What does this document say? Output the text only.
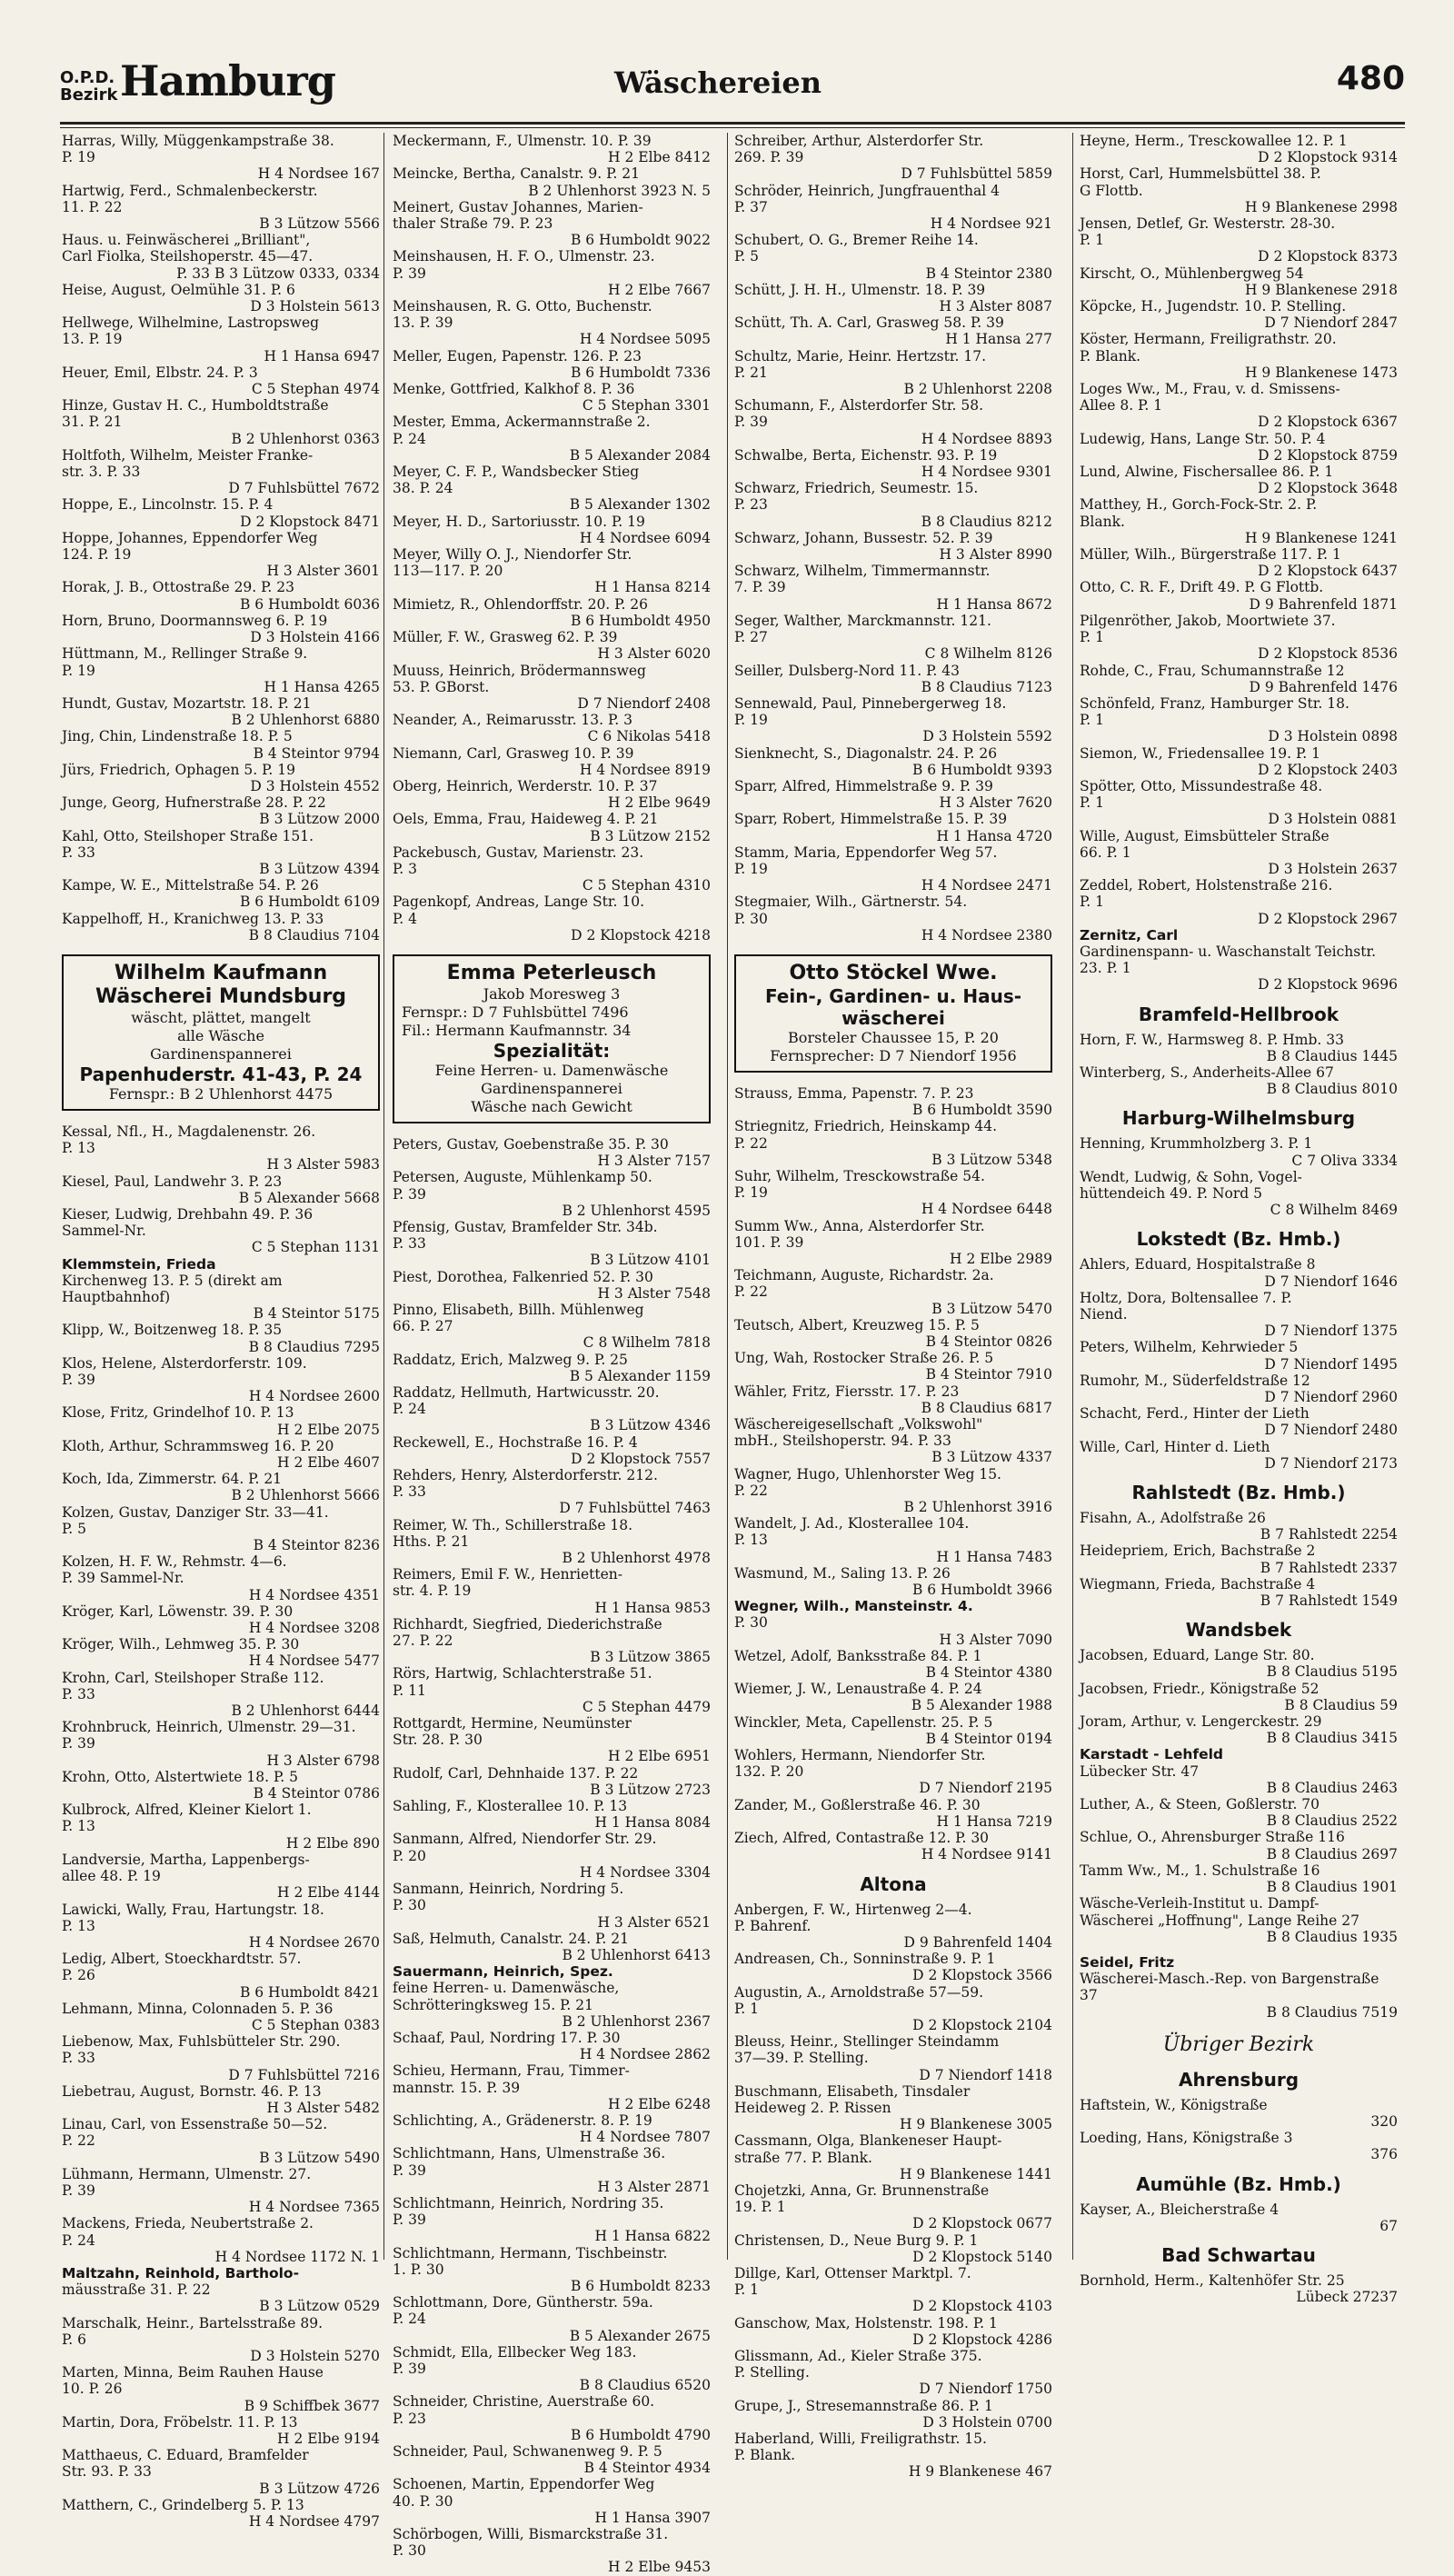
O.P.D.
Bezirk Hamburg	Wäschereien	480
Harras, Willy, Müggenkampstraße 38.
P. 19
H 4 Nordsee 167
Hartwig, Ferd., Schmalenbeckerstr.
11. P. 22
B 3 Lützow 5566
Haus. u. Feinwäscherei „Brilliant",
Carl Fiolka, Steilshoperstr. 45—47.
P. 33 B 3 Lützow 0333, 0334
Heise, August, Oelmühle 31. P. 6
D 3 Holstein 5613
Hellwege, Wilhelmine, Lastropsweg
13. P. 19
H 1 Hansa 6947
Heuer, Emil, Elbstr. 24. P. 3
C 5 Stephan 4974
Hinze, Gustav H. C., Humboldtstraße
31. P. 21
B 2 Uhlenhorst 0363
Holtfoth, Wilhelm, Meister Franke-
str. 3. P. 33
D 7 Fuhlsbüttel 7672
Hoppe, E., Lincolnstr. 15. P. 4
D 2 Klopstock 8471
Hoppe, Johannes, Eppendorfer Weg
124. P. 19
H 3 Alster 3601
Horak, J. B., Ottostraße 29. P. 23
B 6 Humboldt 6036
Horn, Bruno, Doormannsweg 6. P. 19
D 3 Holstein 4166
Hüttmann, M., Rellinger Straße 9.
P. 19
H 1 Hansa 4265
Hundt, Gustav, Mozartstr. 18. P. 21
B 2 Uhlenhorst 6880
Jing, Chin, Lindenstraße 18. P. 5
B 4 Steintor 9794
Jürs, Friedrich, Ophagen 5. P. 19
D 3 Holstein 4552
Junge, Georg, Hufnerstraße 28. P. 22
B 3 Lützow 2000
Kahl, Otto, Steilshoper Straße 151.
P. 33
B 3 Lützow 4394
Kampe, W. E., Mittelstraße 54. P. 26
B 6 Humboldt 6109
Kappelhoff, H., Kranichweg 13. P. 33
B 8 Claudius 7104
Wilhelm Kaufmann
Wäscherei Mundsburg
wäscht, plättet, mangelt
alle Wäsche
Gardinenspannerei
Papenhuderstr. 41-43, P. 24
Fernspr.: B 2 Uhlenhorst 4475
Kessal, Nfl., H., Magdalenenstr. 26.
P. 13
H 3 Alster 5983
Kiesel, Paul, Landwehr 3. P. 23
B 5 Alexander 5668
Kieser, Ludwig, Drehbahn 49. P. 36
Sammel-Nr.
C 5 Stephan 1131
Klemmstein, Frieda
Kirchenweg 13. P. 5 (direkt am Hauptbahnhof)
B 4 Steintor 5175
Klipp, W., Boitzenweg 18. P. 35
B 8 Claudius 7295
Klos, Helene, Alsterdorferstr. 109.
P. 39
H 4 Nordsee 2600
Klose, Fritz, Grindelhof 10. P. 13
H 2 Elbe 2075
Kloth, Arthur, Schrammsweg 16. P. 20
H 2 Elbe 4607
Koch, Ida, Zimmerstr. 64. P. 21
B 2 Uhlenhorst 5666
Kolzen, Gustav, Danziger Str. 33—41.
P. 5
B 4 Steintor 8236
Kolzen, H. F. W., Rehmstr. 4—6.
P. 39 Sammel-Nr.
H 4 Nordsee 4351
Kröger, Karl, Löwenstr. 39. P. 30
H 4 Nordsee 3208
Kröger, Wilh., Lehmweg 35. P. 30
H 4 Nordsee 5477
Krohn, Carl, Steilshoper Straße 112.
P. 33
B 2 Uhlenhorst 6444
Krohnbruck, Heinrich, Ulmenstr. 29—31.
P. 39
H 3 Alster 6798
Krohn, Otto, Alstertwiete 18. P. 5
B 4 Steintor 0786
Kulbrock, Alfred, Kleiner Kielort 1.
P. 13
H 2 Elbe 890
Landversie, Martha, Lappenbergs-
allee 48. P. 19
H 2 Elbe 4144
Lawicki, Wally, Frau, Hartungstr. 18.
P. 13
H 4 Nordsee 2670
Ledig, Albert, Stoeckhardtstr. 57.
P. 26
B 6 Humboldt 8421
Lehmann, Minna, Colonnaden 5. P. 36
C 5 Stephan 0383
Liebenow, Max, Fuhlsbütteler Str. 290.
P. 33
D 7 Fuhlsbüttel 7216
Liebetrau, August, Bornstr. 46. P. 13
H 3 Alster 5482
Linau, Carl, von Essenstraße 50—52.
P. 22
B 3 Lützow 5490
Lühmann, Hermann, Ulmenstr. 27.
P. 39
H 4 Nordsee 7365
Mackens, Frieda, Neubertstraße 2.
P. 24
H 4 Nordsee 1172 N. 1
Maltzahn, Reinhold, Bartholo-
mäusstraße 31. P. 22
B 3 Lützow 0529
Marschalk, Heinr., Bartelsstraße 89.
P. 6
D 3 Holstein 5270
Marten, Minna, Beim Rauhen Hause
10. P. 26
B 9 Schiffbek 3677
Martin, Dora, Fröbelstr. 11. P. 13
H 2 Elbe 9194
Matthaeus, C. Eduard, Bramfelder
Str. 93. P. 33
B 3 Lützow 4726
Matthern, C., Grindelberg 5. P. 13
H 4 Nordsee 4797
Meckermann, F., Ulmenstr. 10. P. 39
H 2 Elbe 8412
Meincke, Bertha, Canalstr. 9. P. 21
B 2 Uhlenhorst 3923 N. 5
Meinert, Gustav Johannes, Marien-
thaler Straße 79. P. 23
B 6 Humboldt 9022
Meinshausen, H. F. O., Ulmenstr. 23.
P. 39
H 2 Elbe 7667
Meinshausen, R. G. Otto, Buchenstr.
13. P. 39
H 4 Nordsee 5095
Meller, Eugen, Papenstr. 126. P. 23
B 6 Humboldt 7336
Menke, Gottfried, Kalkhof 8. P. 36
C 5 Stephan 3301
Mester, Emma, Ackermannstraße 2.
P. 24
B 5 Alexander 2084
Meyer, C. F. P., Wandsbecker Stieg
38. P. 24
B 5 Alexander 1302
Meyer, H. D., Sartoriusstr. 10. P. 19
H 4 Nordsee 6094
Meyer, Willy O. J., Niendorfer Str.
113—117. P. 20
H 1 Hansa 8214
Mimietz, R., Ohlendorffstr. 20. P. 26
B 6 Humboldt 4950
Müller, F. W., Grasweg 62. P. 39
H 3 Alster 6020
Muuss, Heinrich, Brödermannsweg
53. P. GBorst.
D 7 Niendorf 2408
Neander, A., Reimarusstr. 13. P. 3
C 6 Nikolas 5418
Niemann, Carl, Grasweg 10. P. 39
H 4 Nordsee 8919
Oberg, Heinrich, Werderstr. 10. P. 37
H 2 Elbe 9649
Oels, Emma, Frau, Haideweg 4. P. 21
B 3 Lützow 2152
Packebusch, Gustav, Marienstr. 23.
P. 3
C 5 Stephan 4310
Pagenkopf, Andreas, Lange Str. 10.
P. 4
D 2 Klopstock 4218
Emma Peterleusch
Jakob Moresweg 3
Fernspr.: D 7 Fuhlsbüttel 7496
Fil.: Hermann Kaufmannstr. 34
Spezialität:
Feine Herren- u. Damenwäsche
Gardinenspannerei
Wäsche nach Gewicht
Peters, Gustav, Goebenstraße 35. P. 30
H 3 Alster 7157
Petersen, Auguste, Mühlenkamp 50.
P. 39
B 2 Uhlenhorst 4595
Pfensig, Gustav, Bramfelder Str. 34b.
P. 33
B 3 Lützow 4101
Piest, Dorothea, Falkenried 52. P. 30
H 3 Alster 7548
Pinno, Elisabeth, Billh. Mühlenweg
66. P. 27
C 8 Wilhelm 7818
Raddatz, Erich, Malzweg 9. P. 25
B 5 Alexander 1159
Raddatz, Hellmuth, Hartwicusstr. 20.
P. 24
B 3 Lützow 4346
Reckewell, E., Hochstraße 16. P. 4
D 2 Klopstock 7557
Rehders, Henry, Alsterdorferstr. 212.
P. 33
D 7 Fuhlsbüttel 7463
Reimer, W. Th., Schillerstraße 18.
Hths. P. 21
B 2 Uhlenhorst 4978
Reimers, Emil F. W., Henrietten-
str. 4. P. 19
H 1 Hansa 9853
Richhardt, Siegfried, Diederichstraße
27. P. 22
B 3 Lützow 3865
Rörs, Hartwig, Schlachterstraße 51.
P. 11
C 5 Stephan 4479
Rottgardt, Hermine, Neumünster
Str. 28. P. 30
H 2 Elbe 6951
Rudolf, Carl, Dehnhaide 137. P. 22
B 3 Lützow 2723
Sahling, F., Klosterallee 10. P. 13
H 1 Hansa 8084
Sanmann, Alfred, Niendorfer Str. 29.
P. 20
H 4 Nordsee 3304
Sanmann, Heinrich, Nordring 5.
P. 30
H 3 Alster 6521
Saß, Helmuth, Canalstr. 24. P. 21
B 2 Uhlenhorst 6413
Sauermann, Heinrich, Spez.
feine Herren- u. Damenwäsche, Schrötteringksweg 15. P. 21
B 2 Uhlenhorst 2367
Schaaf, Paul, Nordring 17. P. 30
H 4 Nordsee 2862
Schieu, Hermann, Frau, Timmer-
mannstr. 15. P. 39
H 2 Elbe 6248
Schlichting, A., Grädenerstr. 8. P. 19
H 4 Nordsee 7807
Schlichtmann, Hans, Ulmenstraße 36.
P. 39
H 3 Alster 2871
Schlichtmann, Heinrich, Nordring 35.
P. 39
H 1 Hansa 6822
Schlichtmann, Hermann, Tischbeinstr.
1. P. 30
B 6 Humboldt 8233
Schlottmann, Dore, Güntherstr. 59a.
P. 24
B 5 Alexander 2675
Schmidt, Ella, Ellbecker Weg 183.
P. 39
B 8 Claudius 6520
Schneider, Christine, Auerstraße 60.
P. 23
B 6 Humboldt 4790
Schneider, Paul, Schwanenweg 9. P. 5
B 4 Steintor 4934
Schoenen, Martin, Eppendorfer Weg
40. P. 30
H 1 Hansa 3907
Schörbogen, Willi, Bismarckstraße 31.
P. 30
H 2 Elbe 9453
Schreiber, Arthur, Alsterdorfer Str.
269. P. 39
D 7 Fuhlsbüttel 5859
Schröder, Heinrich, Jungfrauenthal 4
P. 37
H 4 Nordsee 921
Schubert, O. G., Bremer Reihe 14.
P. 5
B 4 Steintor 2380
Schütt, J. H. H., Ulmenstr. 18. P. 39
H 3 Alster 8087
Schütt, Th. A. Carl, Grasweg 58. P. 39
H 1 Hansa 277
Schultz, Marie, Heinr. Hertzstr. 17.
P. 21
B 2 Uhlenhorst 2208
Schumann, F., Alsterdorfer Str. 58.
P. 39
H 4 Nordsee 8893
Schwalbe, Berta, Eichenstr. 93. P. 19
H 4 Nordsee 9301
Schwarz, Friedrich, Seumestr. 15.
P. 23
B 8 Claudius 8212
Schwarz, Johann, Bussestr. 52. P. 39
H 3 Alster 8990
Schwarz, Wilhelm, Timmermannstr.
7. P. 39
H 1 Hansa 8672
Seger, Walther, Marckmannstr. 121.
P. 27
C 8 Wilhelm 8126
Seiller, Dulsberg-Nord 11. P. 43
B 8 Claudius 7123
Sennewald, Paul, Pinnebergerweg 18.
P. 19
D 3 Holstein 5592
Sienknecht, S., Diagonalstr. 24. P. 26
B 6 Humboldt 9393
Sparr, Alfred, Himmelstraße 9. P. 39
H 3 Alster 7620
Sparr, Robert, Himmelstraße 15. P. 39
H 1 Hansa 4720
Stamm, Maria, Eppendorfer Weg 57.
P. 19
H 4 Nordsee 2471
Stegmaier, Wilh., Gärtnerstr. 54.
P. 30
H 4 Nordsee 2380
Otto Stöckel Wwe.
Fein-, Gardinen- u. Haus-
wäscherei
Borsteler Chaussee 15, P. 20
Fernsprecher: D 7 Niendorf 1956
Strauss, Emma, Papenstr. 7. P. 23
B 6 Humboldt 3590
Striegnitz, Friedrich, Heinskamp 44.
P. 22
B 3 Lützow 5348
Suhr, Wilhelm, Tresckowstraße 54.
P. 19
H 4 Nordsee 6448
Summ Ww., Anna, Alsterdorfer Str.
101. P. 39
H 2 Elbe 2989
Teichmann, Auguste, Richardstr. 2a.
P. 22
B 3 Lützow 5470
Teutsch, Albert, Kreuzweg 15. P. 5
B 4 Steintor 0826
Ung, Wah, Rostocker Straße 26. P. 5
B 4 Steintor 7910
Wähler, Fritz, Fiersstr. 17. P. 23
B 8 Claudius 6817
Wäschereigesellschaft „Volkswohl"
mbH., Steilshoperstr. 94. P. 33
B 3 Lützow 4337
Wagner, Hugo, Uhlenhorster Weg 15.
P. 22
B 2 Uhlenhorst 3916
Wandelt, J. Ad., Klosterallee 104.
P. 13
H 1 Hansa 7483
Wasmund, M., Saling 13. P. 26
B 6 Humboldt 3966
Wegner, Wilh., Mansteinstr. 4.
P. 30
H 3 Alster 7090
Wetzel, Adolf, Banksstraße 84. P. 1
B 4 Steintor 4380
Wiemer, J. W., Lenaustraße 4. P. 24
B 5 Alexander 1988
Winckler, Meta, Capellenstr. 25. P. 5
B 4 Steintor 0194
Wohlers, Hermann, Niendorfer Str.
132. P. 20
D 7 Niendorf 2195
Zander, M., Goßlerstraße 46. P. 30
H 1 Hansa 7219
Ziech, Alfred, Contastraße 12. P. 30
H 4 Nordsee 9141
Altona
Anbergen, F. W., Hirtenweg 2—4.
P. Bahrenf.
D 9 Bahrenfeld 1404
Andreasen, Ch., Sonninstraße 9. P. 1
D 2 Klopstock 3566
Augustin, A., Arnoldstraße 57—59.
P. 1
D 2 Klopstock 2104
Bleuss, Heinr., Stellinger Steindamm
37—39. P. Stelling.
D 7 Niendorf 1418
Buschmann, Elisabeth, Tinsdaler
Heideweg 2. P. Rissen
H 9 Blankenese 3005
Cassmann, Olga, Blankeneser Haupt-
straße 77. P. Blank.
H 9 Blankenese 1441
Chojetzki, Anna, Gr. Brunnenstraße
19. P. 1
D 2 Klopstock 0677
Christensen, D., Neue Burg 9. P. 1
D 2 Klopstock 5140
Dillge, Karl, Ottenser Marktpl. 7.
P. 1
D 2 Klopstock 4103
Ganschow, Max, Holstenstr. 198. P. 1
D 2 Klopstock 4286
Glissmann, Ad., Kieler Straße 375.
P. Stelling.
D 7 Niendorf 1750
Grupe, J., Stresemannstraße 86. P. 1
D 3 Holstein 0700
Haberland, Willi, Freiligrathstr. 15.
P. Blank.
H 9 Blankenese 467
Heyne, Herm., Tresckowallee 12. P. 1
D 2 Klopstock 9314
Horst, Carl, Hummelsbüttel 38. P.
G Flottb.
H 9 Blankenese 2998
Jensen, Detlef, Gr. Westerstr. 28-30.
P. 1
D 2 Klopstock 8373
Kirscht, O., Mühlenbergweg 54
H 9 Blankenese 2918
Köpcke, H., Jugendstr. 10. P. Stelling.
D 7 Niendorf 2847
Köster, Hermann, Freiligrathstr. 20.
P. Blank.
H 9 Blankenese 1473
Loges Ww., M., Frau, v. d. Smissens-
Allee 8. P. 1
D 2 Klopstock 6367
Ludewig, Hans, Lange Str. 50. P. 4
D 2 Klopstock 8759
Lund, Alwine, Fischersallee 86. P. 1
D 2 Klopstock 3648
Matthey, H., Gorch-Fock-Str. 2. P.
Blank.
H 9 Blankenese 1241
Müller, Wilh., Bürgerstraße 117. P. 1
D 2 Klopstock 6437
Otto, C. R. F., Drift 49. P. G Flottb.
D 9 Bahrenfeld 1871
Pilgenröther, Jakob, Moortwiete 37.
P. 1
D 2 Klopstock 8536
Rohde, C., Frau, Schumannstraße 12
D 9 Bahrenfeld 1476
Schönfeld, Franz, Hamburger Str. 18.
P. 1
D 3 Holstein 0898
Siemon, W., Friedensallee 19. P. 1
D 2 Klopstock 2403
Spötter, Otto, Missundestraße 48.
P. 1
D 3 Holstein 0881
Wille, August, Eimsbütteler Straße
66. P. 1
D 3 Holstein 2637
Zeddel, Robert, Holstenstraße 216.
P. 1
D 2 Klopstock 2967
Zernitz, Carl
Gardinenspann- u. Waschanstalt Teichstr. 23. P. 1
D 2 Klopstock 9696
Bramfeld-Hellbrook
Horn, F. W., Harmsweg 8. P. Hmb. 33
B 8 Claudius 1445
Winterberg, S., Anderheits-Allee 67
B 8 Claudius 8010
Harburg-Wilhelmsburg
Henning, Krummholzberg 3. P. 1
C 7 Oliva 3334
Wendt, Ludwig, & Sohn, Vogel-
hüttendeich 49. P. Nord 5
C 8 Wilhelm 8469
Lokstedt (Bz. Hmb.)
Ahlers, Eduard, Hospitalstraße 8
D 7 Niendorf 1646
Holtz, Dora, Boltensallee 7. P.
Niend.
D 7 Niendorf 1375
Peters, Wilhelm, Kehrwieder 5
D 7 Niendorf 1495
Rumohr, M., Süderfeldstraße 12
D 7 Niendorf 2960
Schacht, Ferd., Hinter der Lieth
D 7 Niendorf 2480
Wille, Carl, Hinter d. Lieth
D 7 Niendorf 2173
Rahlstedt (Bz. Hmb.)
Fisahn, A., Adolfstraße 26
B 7 Rahlstedt 2254
Heidepriem, Erich, Bachstraße 2
B 7 Rahlstedt 2337
Wiegmann, Frieda, Bachstraße 4
B 7 Rahlstedt 1549
Wandsbek
Jacobsen, Eduard, Lange Str. 80.
B 8 Claudius 5195
Jacobsen, Friedr., Königstraße 52
B 8 Claudius 59
Joram, Arthur, v. Lengerckestr. 29
B 8 Claudius 3415
Karstadt - Lehfeld
Lübecker Str. 47
B 8 Claudius 2463
Luther, A., & Steen, Goßlerstr. 70
B 8 Claudius 2522
Schlue, O., Ahrensburger Straße 116
B 8 Claudius 2697
Tamm Ww., M., 1. Schulstraße 16
B 8 Claudius 1901
Wäsche-Verleih-Institut u. Dampf-
Wäscherei „Hoffnung", Lange Reihe 27
B 8 Claudius 1935
Seidel, Fritz
Wäscherei-Masch.-Rep. von Bargenstraße 37
B 8 Claudius 7519
Übriger Bezirk
Ahrensburg
Haftstein, W., Königstraße
320
Loeding, Hans, Königstraße 3
376
Aumühle (Bz. Hmb.)
Kayser, A., Bleicherstraße 4
67
Bad Schwartau
Bornhold, Herm., Kaltenhöfer Str. 25
Lübeck 27237
